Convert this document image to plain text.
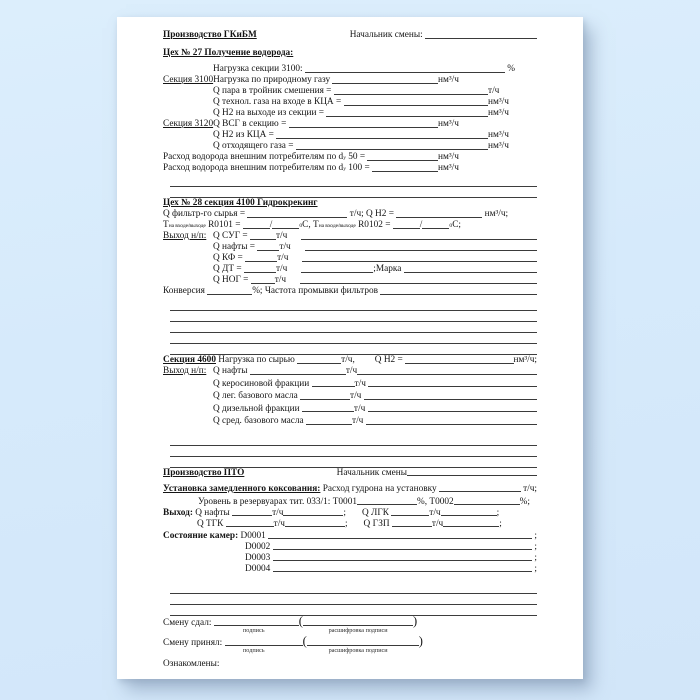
Производство ГКиБМ	Начальник смены:
Цех № 27 Получение водорода:
Нагрузка секции 3100:	%
Секция 3100 Нагрузка по природному газу	нм³/ч
Q пара в тройник смешения =	т/ч
Q технол. газа на входе в КЦА =	нм³/ч
Q Н2 на выходе из секции =	нм³/ч
Секция 3120 Q ВСГ в секцию =	нм³/ч
Q Н2 из КЦА =	нм³/ч
Q отходящего газа =	нм³/ч
Расход водорода внешним потребителям по d у 50 =	нм³/ч
Расход водорода внешним потребителям по d у 100 =	нм³/ч
Цех № 28 секция 4100 Гидрокрекинг
Q фильтр-го сырья =	т/ч; Q Н2 =	нм³/ч;
Т на входе/выходе R0101 =	/	0 С, Т на входе/выходе R0102 =	/	0 С;
Выход н/п: Q СУГ =	т/ч
Q нафты = т/ч
Q КФ =	т/ч
Q ДТ =	т/ч	;Марка
Q НОГ =	т/ч
Конверсия	%; Частота промывки фильтров
Секция 4600 Нагрузка по сырью	т/ч, Q Н2 =	нм³/ч;
Выход н/п: Q нафты	т/ч
Q керосиновой фракции	т/ч
Q лег. базового масла	т/ч
Q дизельной фракции	т/ч
Q сред. базового масла	т/ч
Производство ПТО	Начальник смены
Установка замедленного коксования: Расход гудрона на установку	т/ч;
Уровень в резервуарах тит. 033/1: Т0001	%, Т0002	%;
Выход: Q нафты	т/ч	; Q ЛГК	т/ч	;
Q ТГК	т/ч	; Q ГЗП	т/ч	;
Состояние камер: D0001	;
D0002	;
D0003	;
D0004	;
Смену сдал:	(	)
подпись	расшифровка подписи
Смену принял:	(	)
подпись	расшифровка подписи
Ознакомлены:
